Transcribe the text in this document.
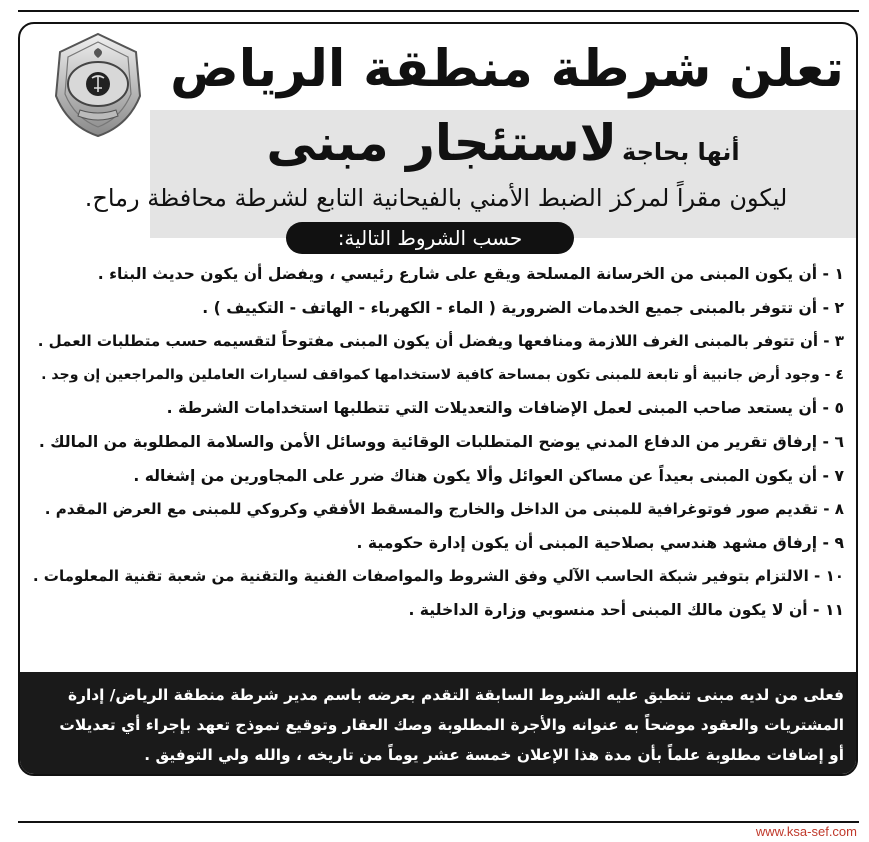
تعلن شرطة منطقة الرياض
أنها بحاجة لاستئجار مبنى
ليكون مقراً لمركز الضبط الأمني بالفيحانية التابع لشرطة محافظة رماح.
حسب الشروط التالية:
١ - أن يكون المبنى من الخرسانة المسلحة ويقع على شارع رئيسي ، ويفضل أن يكون حديث البناء .
٢ - أن تتوفر بالمبنى جميع الخدمات الضرورية ( الماء - الكهرباء - الهاتف - التكييف ) .
٣ - أن تتوفر بالمبنى الغرف اللازمة ومنافعها ويفضل أن يكون المبنى مفتوحاً لتقسيمه حسب متطلبات العمل .
٤ - وجود أرض جانبية أو تابعة للمبنى تكون بمساحة كافية لاستخدامها كمواقف لسيارات العاملين والمراجعين إن وجد .
٥ - أن يستعد صاحب المبنى لعمل الإضافات والتعديلات التي تتطلبها استخدامات الشرطة .
٦ - إرفاق تقرير من الدفاع المدني يوضح المتطلبات الوقائية ووسائل الأمن والسلامة المطلوبة من المالك .
٧ - أن يكون المبنى بعيداً عن مساكن العوائل وألا يكون هناك ضرر على المجاورين من إشغاله .
٨ - تقديم صور فوتوغرافية للمبنى من الداخل والخارج والمسقط الأفقي وكروكي للمبنى مع العرض المقدم .
٩ - إرفاق مشهد هندسي بصلاحية المبنى أن يكون إدارة حكومية .
١٠ - الالتزام بتوفير شبكة الحاسب الآلي وفق الشروط والمواصفات الفنية والتقنية من شعبة تقنية المعلومات .
١١ - أن لا يكون مالك المبنى أحد منسوبي وزارة الداخلية .
فعلى من لديه مبنى تنطبق عليه الشروط السابقة التقدم بعرضه باسم مدير شرطة منطقة الرياض/ إدارة
المشتريات والعقود موضحاً به عنوانه والأجرة المطلوبة وصك العقار وتوقيع نموذج تعهد بإجراء أي تعديلات
أو إضافات مطلوبة علماً بأن مدة هذا الإعلان خمسة عشر يوماً من تاريخه ، والله ولي التوفيق .
www.ksa-sef.com
